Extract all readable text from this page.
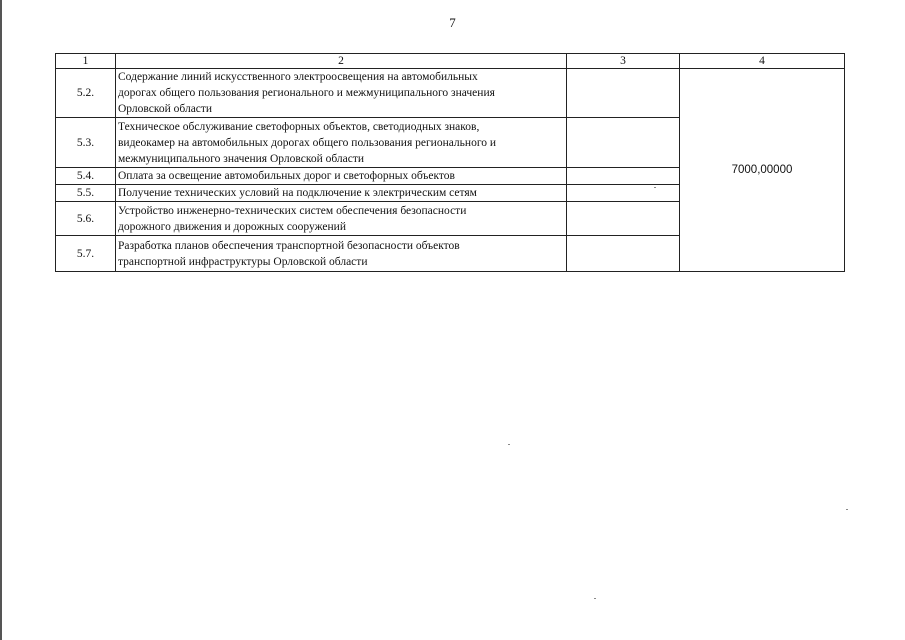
7
1	2	3	4
5.2.	Содержание линий искусственного электроосвещения на автомобильных
дорогах общего пользования регионального и межмуниципального значения
Орловской области		7000,00000
5.3.	Техническое обслуживание светофорных объектов, светодиодных знаков,
видеокамер на автомобильных дорогах общего пользования регионального и
межмуниципального значения Орловской области		
5.4.	Оплата за освещение автомобильных дорог и светофорных объектов		
5.5.	Получение технических условий на подключение к электрическим сетям		
5.6.	Устройство инженерно-технических систем обеспечения безопасности
дорожного движения и дорожных сооружений		
5.7.	Разработка планов обеспечения транспортной безопасности объектов
транспортной инфраструктуры Орловской области		
